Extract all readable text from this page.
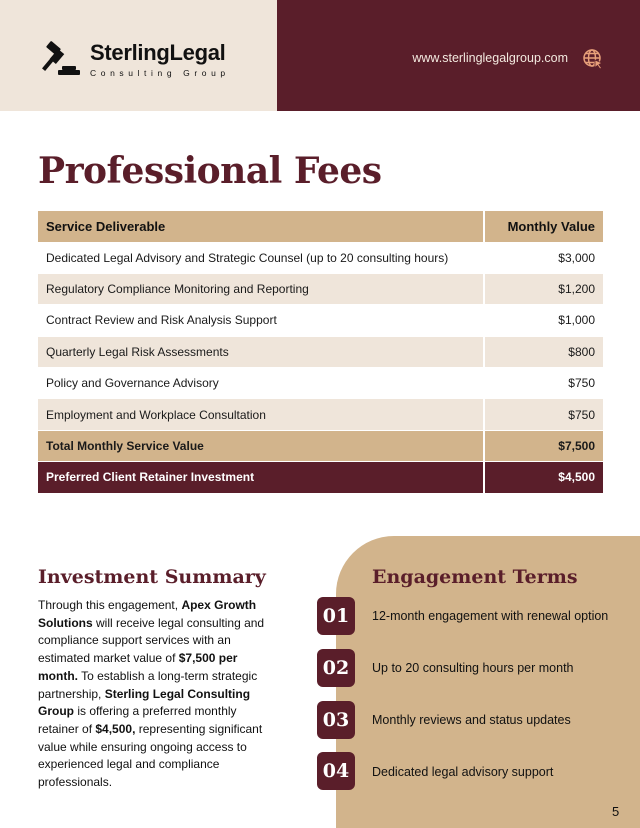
SterlingLegal
Consulting Group
www.sterlinglegalgroup.com
Professional Fees
Service Deliverable	Monthly Value
Dedicated Legal Advisory and Strategic Counsel (up to 20 consulting hours)	$3,000
Regulatory Compliance Monitoring and Reporting	$1,200
Contract Review and Risk Analysis Support	$1,000
Quarterly Legal Risk Assessments	$800
Policy and Governance Advisory	$750
Employment and Workplace Consultation	$750
Total Monthly Service Value	$7,500
Preferred Client Retainer Investment	$4,500
Investment Summary

Through this engagement, Apex Growth Solutions will receive legal consulting and compliance support services with an estimated market value of $7,500 per month. To establish a long-term strategic partnership, Sterling Legal Consulting Group is offering a preferred monthly retainer of $4,500, representing significant value while ensuring ongoing access to experienced legal and compliance professionals.

Engagement Terms
01	12-month engagement with renewal option
02	Up to 20 consulting hours per month
03	Monthly reviews and status updates
04	Dedicated legal advisory support
5
